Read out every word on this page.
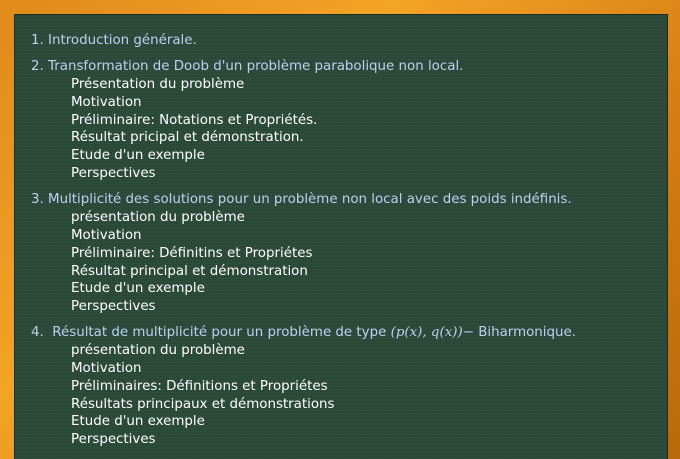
1. Introduction générale.
2. Transformation de Doob d'un problème parabolique non local.
Présentation du problème
Motivation
Préliminaire: Notations et Propriétés.
Résultat pricipal et démonstration.
Etude d'un exemple
Perspectives
3. Multiplicité des solutions pour un problème non local avec des poids indéfinis.
présentation du problème
Motivation
Préliminaire: Définitins et Propriétes
Résultat principal et démonstration
Etude d'un exemple
Perspectives
4.  Résultat de multiplicité pour un problème de type (p(x), q(x))− Biharmonique.
présentation du problème
Motivation
Préliminaires: Définitions et Propriétes
Résultats principaux et démonstrations
Etude d'un exemple
Perspectives
